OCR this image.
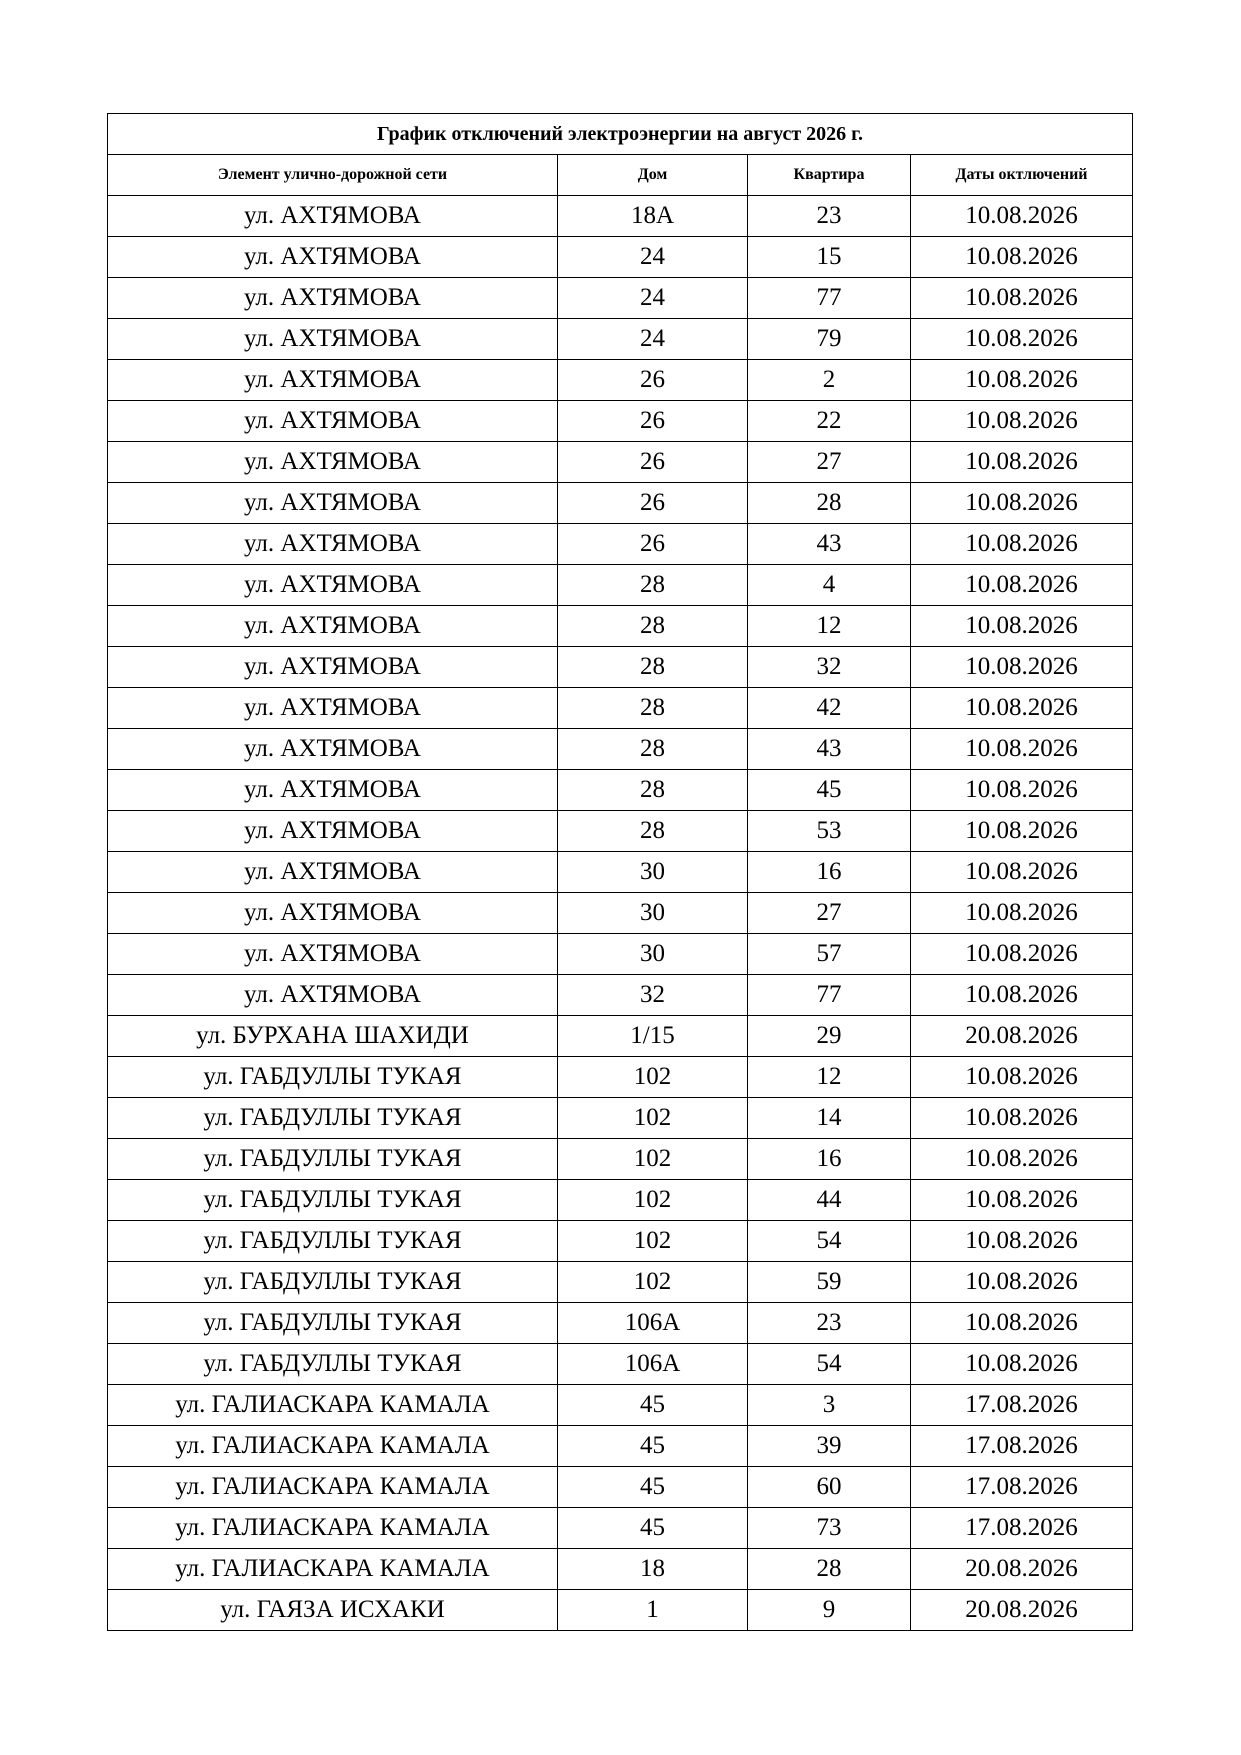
График отключений электроэнергии на август 2026 г.			
Элемент улично-дорожной сети	Дом	Квартира	Даты октлючений
ул. АХТЯМОВА	18А	23	10.08.2026
ул. АХТЯМОВА	24	15	10.08.2026
ул. АХТЯМОВА	24	77	10.08.2026
ул. АХТЯМОВА	24	79	10.08.2026
ул. АХТЯМОВА	26	2	10.08.2026
ул. АХТЯМОВА	26	22	10.08.2026
ул. АХТЯМОВА	26	27	10.08.2026
ул. АХТЯМОВА	26	28	10.08.2026
ул. АХТЯМОВА	26	43	10.08.2026
ул. АХТЯМОВА	28	4	10.08.2026
ул. АХТЯМОВА	28	12	10.08.2026
ул. АХТЯМОВА	28	32	10.08.2026
ул. АХТЯМОВА	28	42	10.08.2026
ул. АХТЯМОВА	28	43	10.08.2026
ул. АХТЯМОВА	28	45	10.08.2026
ул. АХТЯМОВА	28	53	10.08.2026
ул. АХТЯМОВА	30	16	10.08.2026
ул. АХТЯМОВА	30	27	10.08.2026
ул. АХТЯМОВА	30	57	10.08.2026
ул. АХТЯМОВА	32	77	10.08.2026
ул. БУРХАНА ШАХИДИ	1/15	29	20.08.2026
ул. ГАБДУЛЛЫ ТУКАЯ	102	12	10.08.2026
ул. ГАБДУЛЛЫ ТУКАЯ	102	14	10.08.2026
ул. ГАБДУЛЛЫ ТУКАЯ	102	16	10.08.2026
ул. ГАБДУЛЛЫ ТУКАЯ	102	44	10.08.2026
ул. ГАБДУЛЛЫ ТУКАЯ	102	54	10.08.2026
ул. ГАБДУЛЛЫ ТУКАЯ	102	59	10.08.2026
ул. ГАБДУЛЛЫ ТУКАЯ	106А	23	10.08.2026
ул. ГАБДУЛЛЫ ТУКАЯ	106А	54	10.08.2026
ул. ГАЛИАСКАРА КАМАЛА	45	3	17.08.2026
ул. ГАЛИАСКАРА КАМАЛА	45	39	17.08.2026
ул. ГАЛИАСКАРА КАМАЛА	45	60	17.08.2026
ул. ГАЛИАСКАРА КАМАЛА	45	73	17.08.2026
ул. ГАЛИАСКАРА КАМАЛА	18	28	20.08.2026
ул. ГАЯЗА ИСХАКИ	1	9	20.08.2026
